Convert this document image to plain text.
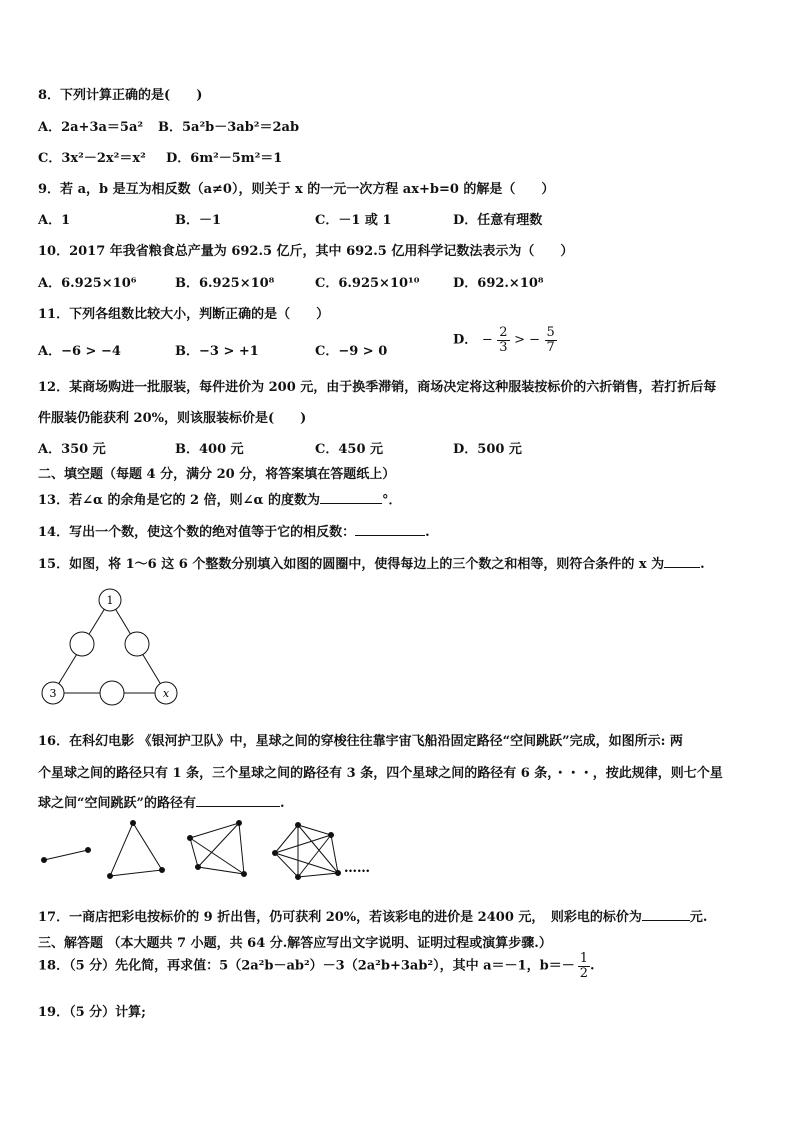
8．下列计算正确的是(　　)
A．2a+3a＝5a² B．5a²b－3ab²＝2ab
C．3x²－2x²＝x² D．6m²－5m²＝1
9．若 a，b 是互为相反数（a≠0），则关于 x 的一元一次方程 ax+b=0 的解是（　　）
A．1	B．－1	C．－1 或 1	D．任意有理数
10．2017 年我省粮食总产量为 692.5 亿斤，其中 692.5 亿用科学记数法表示为（　　）
A．6.925×10⁶	B．6.925×10⁸	C．6.925×10¹⁰	D．692.×10⁸
11．下列各组数比较大小，判断正确的是（　　）
A．−6 > −4	B．−3 > +1	C．−9 > 0
D． − $\frac{2}{3}$ > − $\frac{5}{7}$
12．某商场购进一批服装，每件进价为 200 元，由于换季滞销，商场决定将这种服装按标价的六折销售，若打折后每
件服装仍能获利 20%，则该服装标价是(　　)
A．350 元	B．400 元	C．450 元	D．500 元
二、填空题（每题 4 分，满分 20 分，将答案填在答题纸上）
13．若∠α 的余角是它的 2 倍，则∠α 的度数为	°．
14．写出一个数，使这个数的绝对值等于它的相反数：	.
15．如图，将 1～6 这 6 个整数分别填入如图的圆圈中，使得每边上的三个数之和相等，则符合条件的 x 为	.
1
3	x
16．在科幻电影 《银河护卫队》中，星球之间的穿梭往往靠宇宙飞船沿固定路径“空间跳跃”完成，如图所示: 两
个星球之间的路径只有 1 条，三个星球之间的路径有 3 条，四个星球之间的路径有 6 条，・・・，按此规律，则七个星
球之间“空间跳跃”的路径有	.
……
17．一商店把彩电按标价的 9 折出售，仍可获利 20%，若该彩电的进价是 2400 元，　则彩电的标价为	元.
三、解答题 （本大题共 7 小题，共 64 分.解答应写出文字说明、证明过程或演算步骤.）
18．（5 分）先化简，再求值：5（2a²b－ab²）－3（2a²b+3ab²），其中 a＝－1，$b=- \frac{1}{2}$ .
19．（5 分）计算;
